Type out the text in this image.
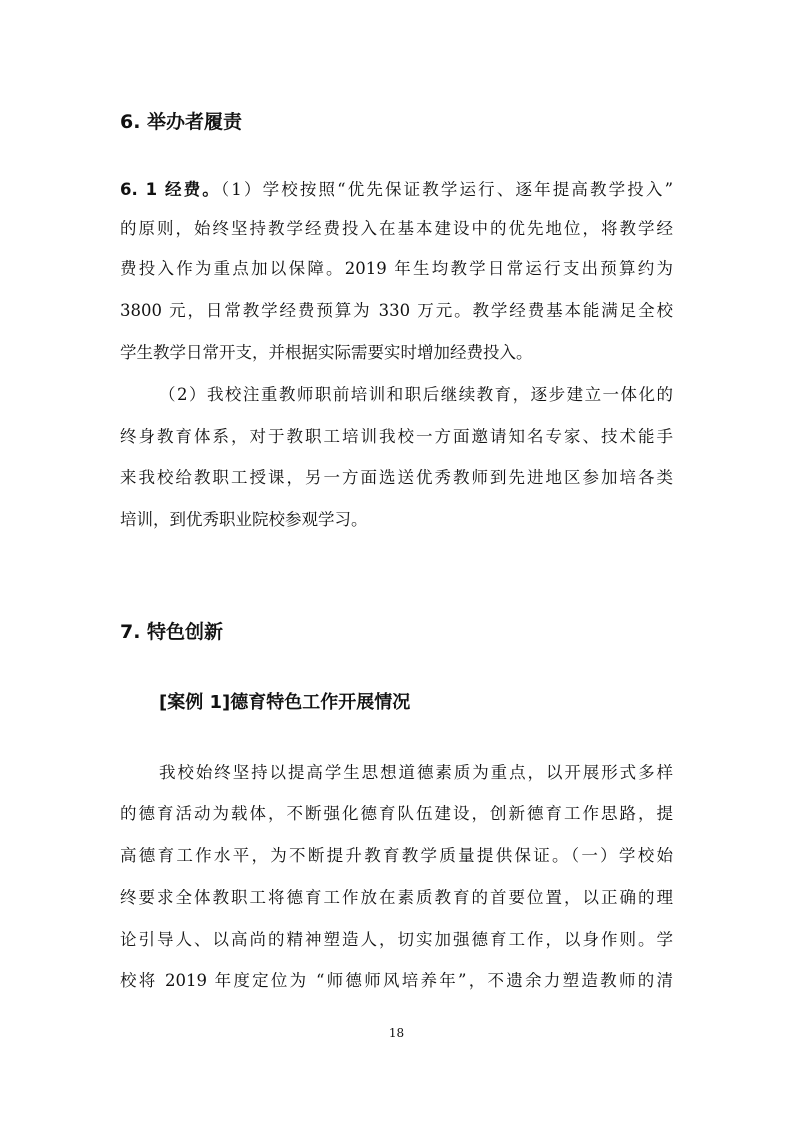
6. 举办者履责
6. 1 经费。（1）学校按照“优先保证教学运行、逐年提高教学投入”
的原则，始终坚持教学经费投入在基本建设中的优先地位，将教学经
费投入作为重点加以保障。2019 年生均教学日常运行支出预算约为
3800 元，日常教学经费预算为 330 万元。教学经费基本能满足全校
学生教学日常开支，并根据实际需要实时增加经费投入。
（2）我校注重教师职前培训和职后继续教育，逐步建立一体化的
终身教育体系，对于教职工培训我校一方面邀请知名专家、技术能手
来我校给教职工授课，另一方面选送优秀教师到先进地区参加培各类
培训，到优秀职业院校参观学习。
7. 特色创新
[案例 1]德育特色工作开展情况
我校始终坚持以提高学生思想道德素质为重点，以开展形式多样
的德育活动为载体，不断强化德育队伍建设，创新德育工作思路，提
高德育工作水平，为不断提升教育教学质量提供保证。（一）学校始
终要求全体教职工将德育工作放在素质教育的首要位置，以正确的理
论引导人、以高尚的精神塑造人，切实加强德育工作，以身作则。学
校将 2019 年度定位为 “师德师风培养年”，不遗余力塑造教师的清
18
